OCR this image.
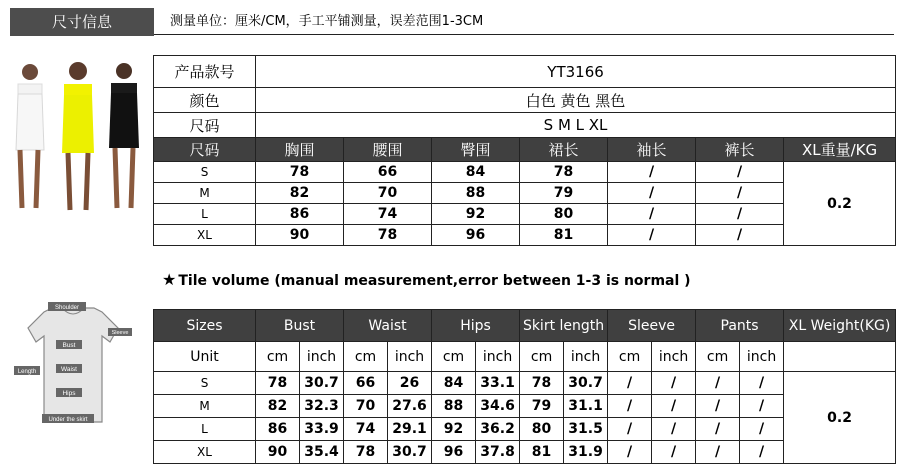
尺寸信息	测量单位：厘米/CM，手工平铺测量，误差范围1-3CM
产品款号	YT3166						
颜色	白色 黄色 黑色						
尺码	S M L XL						
尺码	胸围	腰围	臀围	裙长	袖长	裤长	XL重量/KG
S	78	66	84	78	/	/	0.2
M	82	70	88	79	/	/	
L	86	74	92	80	/	/	
XL	90	78	96	81	/	/	
★ Tile volume (manual measurement,error between 1-3 is normal )
Shoulder
Sleeve
Bust
Waist
Length
Hips
Under the skirt
Sizes	Bust		Waist		Hips		Skirt length		Sleeve		Pants		XL Weight(KG)
Unit	cm	inch	cm	inch	cm	inch	cm	inch	cm	inch	cm	inch	
S	78	30.7	66	26	84	33.1	78	30.7	/	/	/	/	0.2
M	82	32.3	70	27.6	88	34.6	79	31.1	/	/	/	/	
L	86	33.9	74	29.1	92	36.2	80	31.5	/	/	/	/	
XL	90	35.4	78	30.7	96	37.8	81	31.9	/	/	/	/	
